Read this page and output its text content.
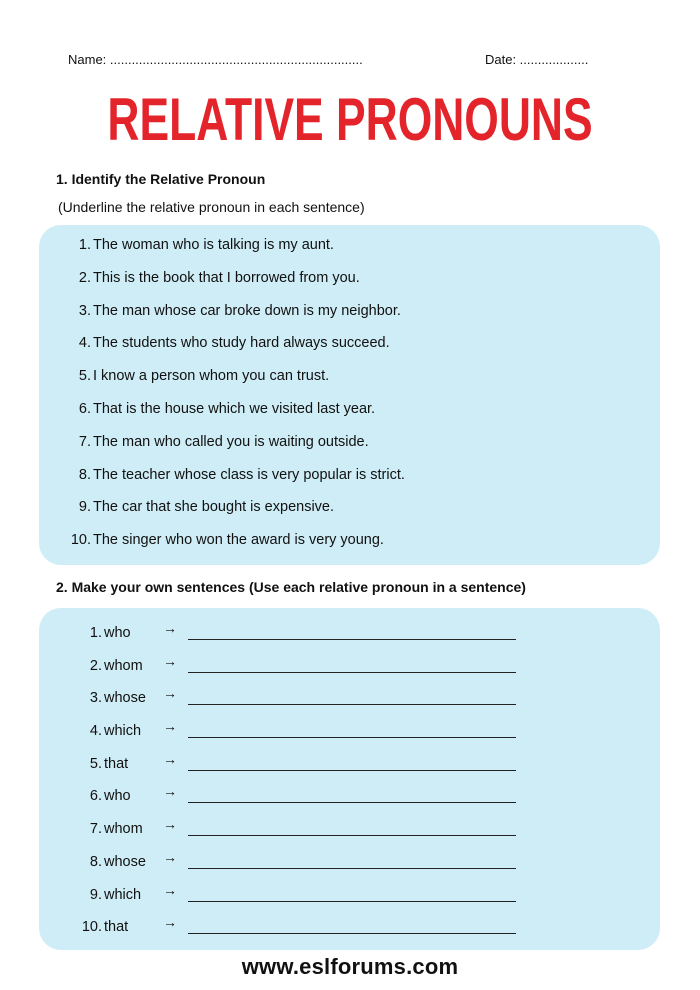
Name: ......................................................................	Date: ...................
RELATIVE PRONOUNS
1. Identify the Relative Pronoun
(Underline the relative pronoun in each sentence)
1. The woman who is talking is my aunt.
2. This is the book that I borrowed from you.
3. The man whose car broke down is my neighbor.
4. The students who study hard always succeed.
5. I know a person whom you can trust.
6. That is the house which we visited last year.
7. The man who called you is waiting outside.
8. The teacher whose class is very popular is strict.
9. The car that she bought is expensive.
10. The singer who won the award is very young.
2. Make your own sentences (Use each relative pronoun in a sentence)
1. who →
2. whom →
3. whose →
4. which →
5. that →
6. who →
7. whom →
8. whose →
9. which →
10. that →
www.eslforums.com
